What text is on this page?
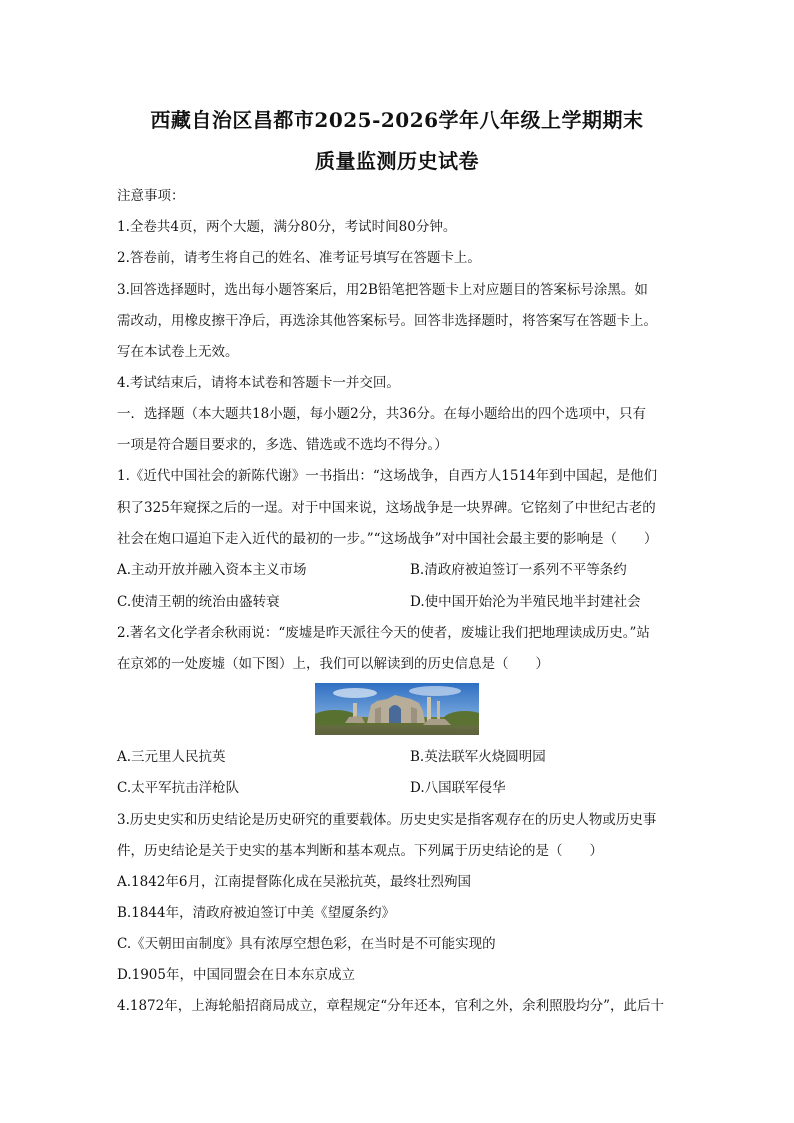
西藏自治区昌都市2025-2026学年八年级上学期期末
质量监测历史试卷
注意事项：
1.全卷共4页，两个大题，满分80分，考试时间80分钟。
2.答卷前，请考生将自己的姓名、准考证号填写在答题卡上。
3.回答选择题时，选出每小题答案后，用2B铅笔把答题卡上对应题目的答案标号涂黑。如
需改动，用橡皮擦干净后，再选涂其他答案标号。回答非选择题时，将答案写在答题卡上。
写在本试卷上无效。
4.考试结束后，请将本试卷和答题卡一并交回。
一．选择题（本大题共18小题，每小题2分，共36分。在每小题给出的四个选项中，只有
一项是符合题目要求的，多选、错选或不选均不得分。）
1.《近代中国社会的新陈代谢》一书指出：“这场战争，自西方人1514年到中国起，是他们
积了325年窥探之后的一逞。对于中国来说，这场战争是一块界碑。它铭刻了中世纪古老的
社会在炮口逼迫下走入近代的最初的一步。”“这场战争”对中国社会最主要的影响是（　　）
A.主动开放并融入资本主义市场	B.清政府被迫签订一系列不平等条约
C.使清王朝的统治由盛转衰	D.使中国开始沦为半殖民地半封建社会
2.著名文化学者余秋雨说：“废墟是昨天派往今天的使者，废墟让我们把地理读成历史。”站
在京郊的一处废墟（如下图）上，我们可以解读到的历史信息是（　　）
A.三元里人民抗英	B.英法联军火烧圆明园
C.太平军抗击洋枪队	D.八国联军侵华
3.历史史实和历史结论是历史研究的重要载体。历史史实是指客观存在的历史人物或历史事
件，历史结论是关于史实的基本判断和基本观点。下列属于历史结论的是（　　）
A.1842年6月，江南提督陈化成在吴淞抗英，最终壮烈殉国
B.1844年，清政府被迫签订中美《望厦条约》
C.《天朝田亩制度》具有浓厚空想色彩，在当时是不可能实现的
D.1905年，中国同盟会在日本东京成立
4.1872年，上海轮船招商局成立，章程规定“分年还本，官利之外，余利照股均分”，此后十
